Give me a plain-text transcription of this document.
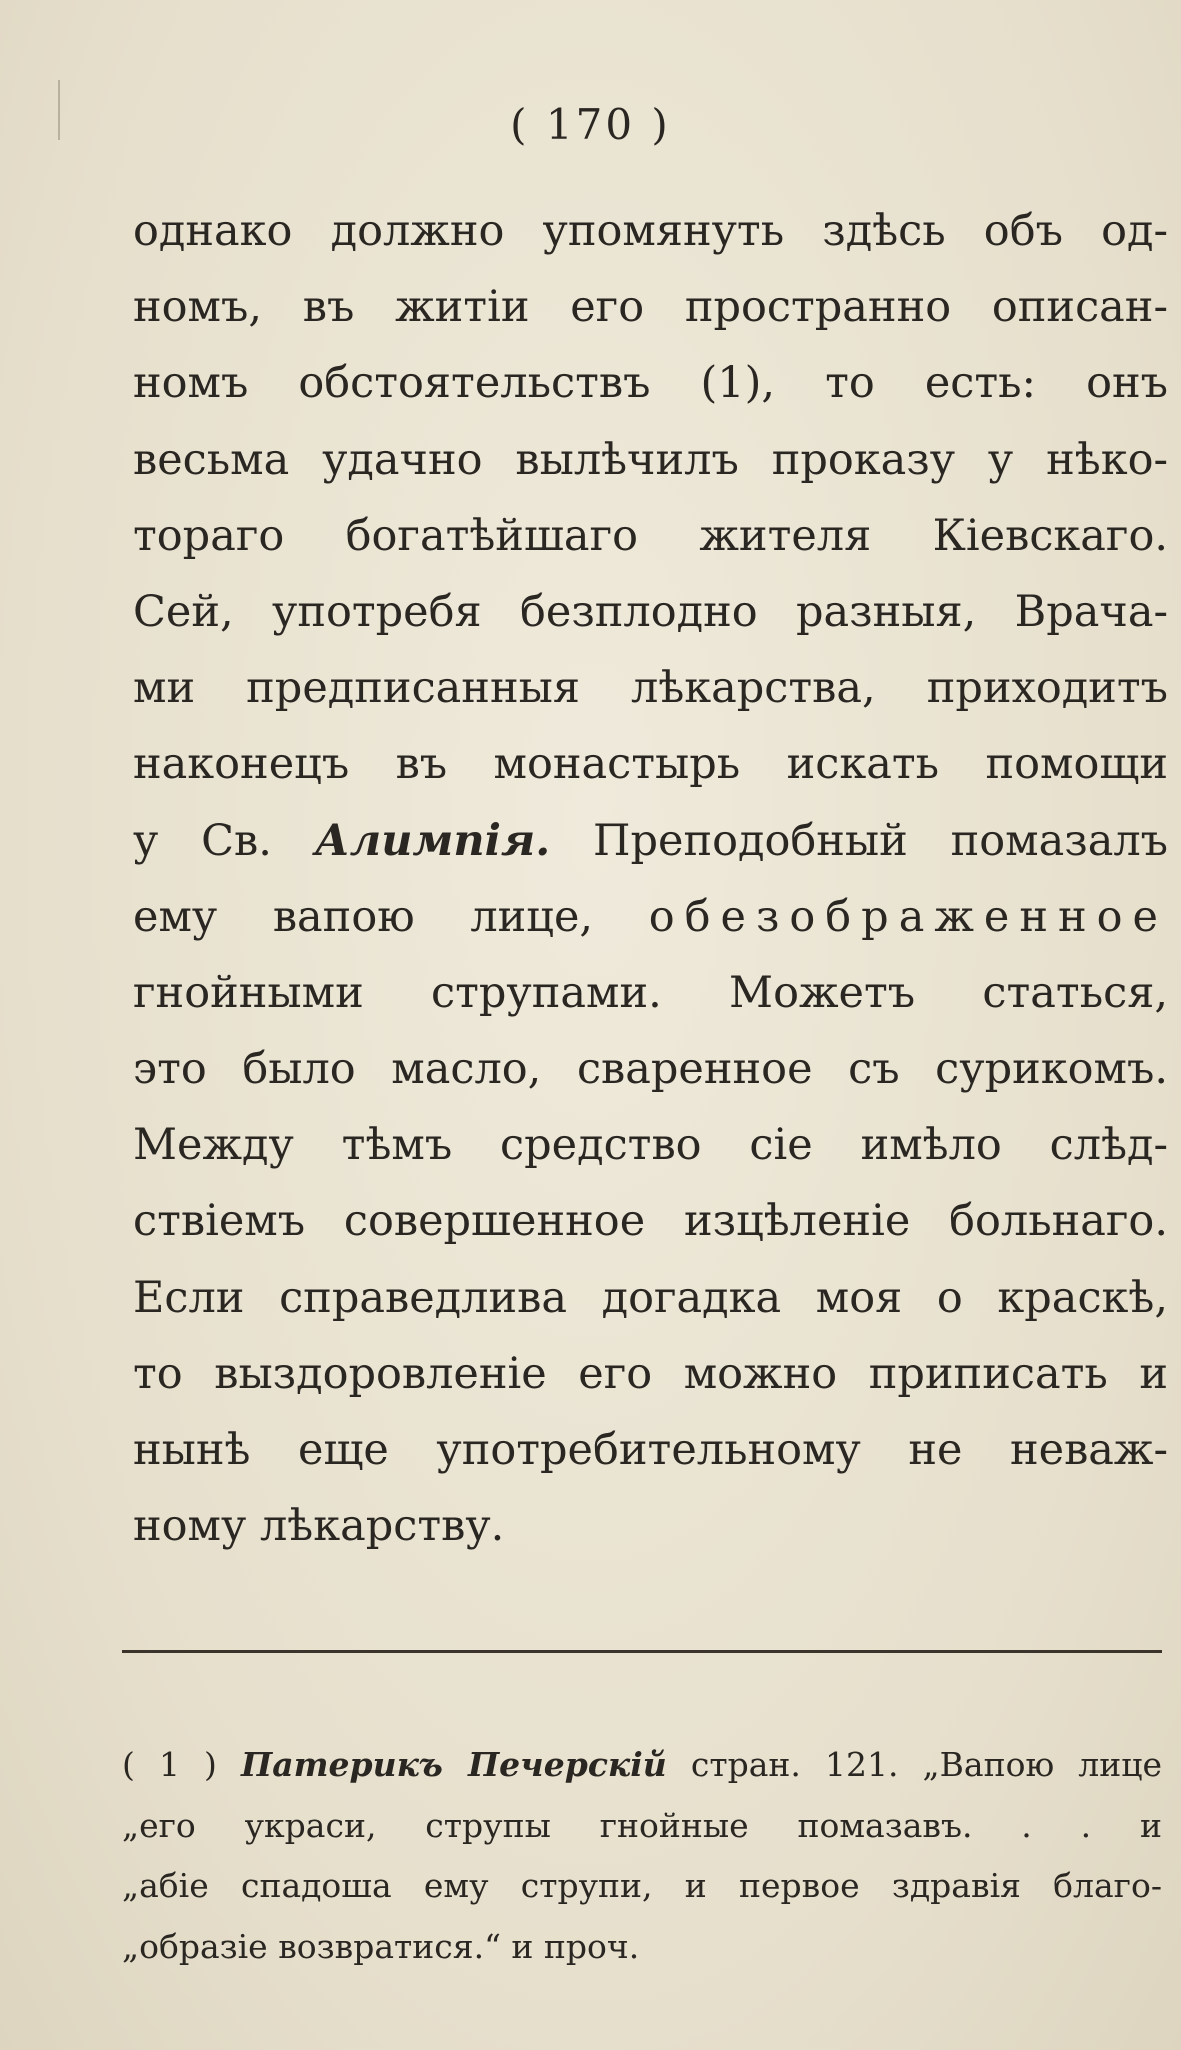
( 170 )
однако должно упомянуть здѣсь объ од-
номъ, въ житіи его пространно описан-
номъ обстоятельствъ (1), то есть: онъ
весьма удачно вылѣчилъ проказу у нѣко-
тораго богатѣйшаго жителя Кіевскаго.
Сей, употребя безплодно разныя, Врача-
ми предписанныя лѣкарства, приходитъ
наконецъ въ монастырь искать помощи
у Св. Алимпія. Преподобный помазалъ
ему вапою лице, обезображенное
гнойными струпами. Можетъ статься,
это было масло, сваренное съ сурикомъ.
Между тѣмъ средство сіе имѣло слѣд-
ствіемъ совершенное изцѣленіе больнаго.
Если справедлива догадка моя о краскѣ,
то выздоровленіе его можно приписать и
нынѣ еще употребительному не неваж-
ному лѣкарству.
( 1 ) Патерикъ Печерскій стран. 121. „Вапою лице
„его украси, струпы гнойные помазавъ. . . и
„абіе спадоша ему струпи, и первое здравія благо-
„образіе возвратися.“ и проч.
